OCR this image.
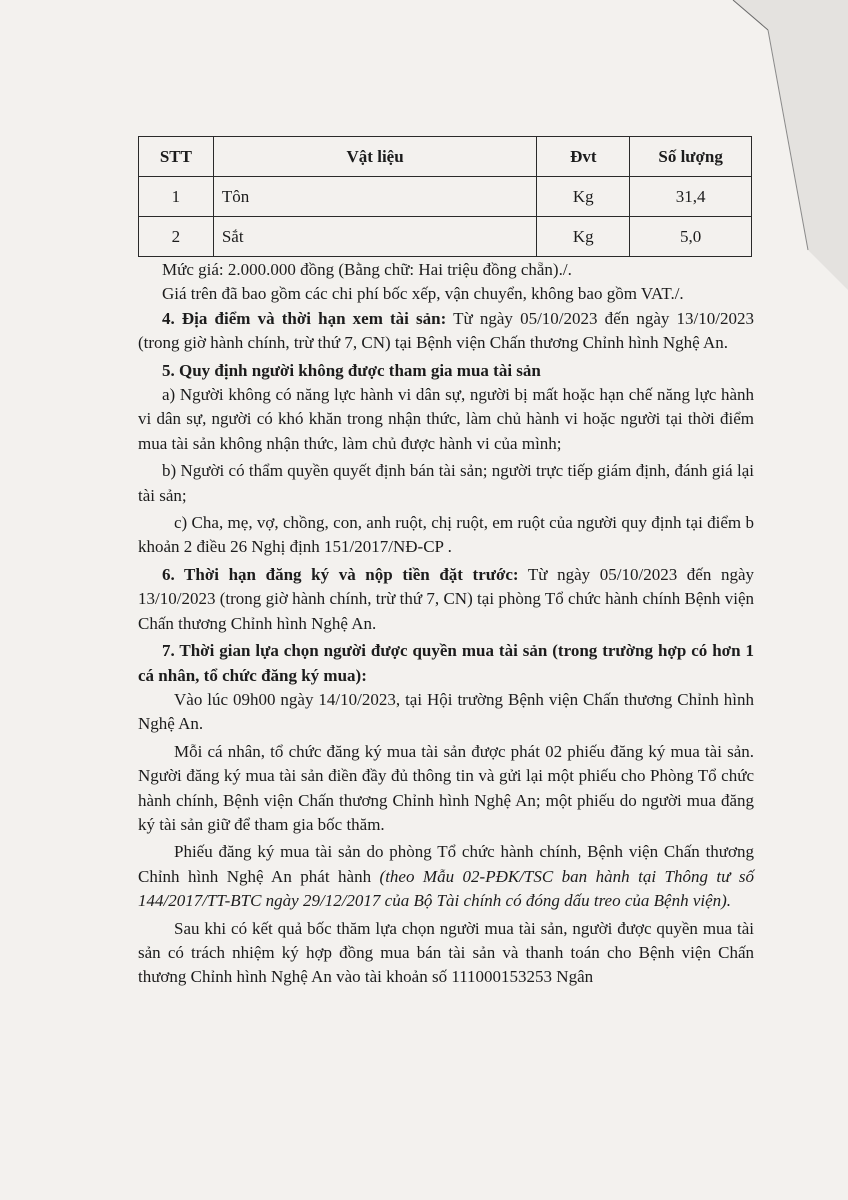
STT	Vật liệu	Đvt	Số lượng
1	Tôn	Kg	31,4
2	Sắt	Kg	5,0

Mức giá: 2.000.000 đồng (Bằng chữ: Hai triệu đồng chẵn)./.

Giá trên đã bao gồm các chi phí bốc xếp, vận chuyển, không bao gồm VAT./.

4. Địa điểm và thời hạn xem tài sản: Từ ngày 05/10/2023 đến ngày 13/10/2023 (trong giờ hành chính, trừ thứ 7, CN) tại Bệnh viện Chấn thương Chỉnh hình Nghệ An.

5. Quy định người không được tham gia mua tài sản

a) Người không có năng lực hành vi dân sự, người bị mất hoặc hạn chế năng lực hành vi dân sự, người có khó khăn trong nhận thức, làm chủ hành vi hoặc người tại thời điểm mua tài sản không nhận thức, làm chủ được hành vi của mình;

b) Người có thẩm quyền quyết định bán tài sản; người trực tiếp giám định, đánh giá lại tài sản;

c) Cha, mẹ, vợ, chồng, con, anh ruột, chị ruột, em ruột của người quy định tại điểm b khoản 2 điều 26 Nghị định 151/2017/NĐ-CP .

6. Thời hạn đăng ký và nộp tiền đặt trước: Từ ngày 05/10/2023 đến ngày 13/10/2023 (trong giờ hành chính, trừ thứ 7, CN) tại phòng Tổ chức hành chính Bệnh viện Chấn thương Chỉnh hình Nghệ An.

7. Thời gian lựa chọn người được quyền mua tài sản (trong trường hợp có hơn 1 cá nhân, tổ chức đăng ký mua):

Vào lúc 09h00 ngày 14/10/2023, tại Hội trường Bệnh viện Chấn thương Chỉnh hình Nghệ An.

Mỗi cá nhân, tổ chức đăng ký mua tài sản được phát 02 phiếu đăng ký mua tài sản. Người đăng ký mua tài sản điền đầy đủ thông tin và gửi lại một phiếu cho Phòng Tổ chức hành chính, Bệnh viện Chấn thương Chỉnh hình Nghệ An; một phiếu do người mua đăng ký tài sản giữ để tham gia bốc thăm.

Phiếu đăng ký mua tài sản do phòng Tổ chức hành chính, Bệnh viện Chấn thương Chỉnh hình Nghệ An phát hành (theo Mẫu 02-PĐK/TSC ban hành tại Thông tư số 144/2017/TT-BTC ngày 29/12/2017 của Bộ Tài chính có đóng dấu treo của Bệnh viện).

Sau khi có kết quả bốc thăm lựa chọn người mua tài sản, người được quyền mua tài sản có trách nhiệm ký hợp đồng mua bán tài sản và thanh toán cho Bệnh viện Chấn thương Chỉnh hình Nghệ An vào tài khoản số 111000153253 Ngân
